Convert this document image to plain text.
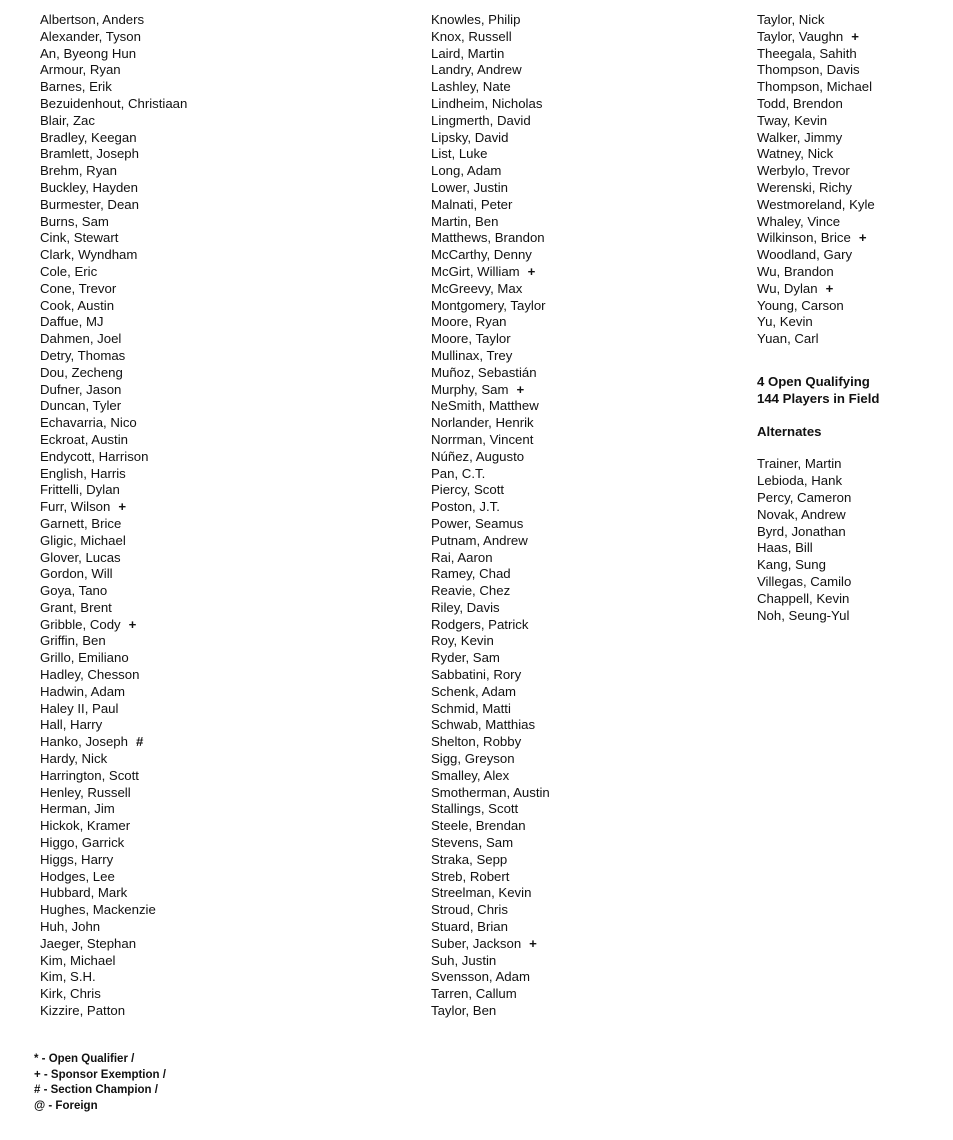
Albertson, Anders
Alexander, Tyson
An, Byeong Hun
Armour, Ryan
Barnes, Erik
Bezuidenhout, Christiaan
Blair, Zac
Bradley, Keegan
Bramlett, Joseph
Brehm, Ryan
Buckley, Hayden
Burmester, Dean
Burns, Sam
Cink, Stewart
Clark, Wyndham
Cole, Eric
Cone, Trevor
Cook, Austin
Daffue, MJ
Dahmen, Joel
Detry, Thomas
Dou, Zecheng
Dufner, Jason
Duncan, Tyler
Echavarria, Nico
Eckroat, Austin
Endycott, Harrison
English, Harris
Frittelli, Dylan
Furr, Wilson +
Garnett, Brice
Gligic, Michael
Glover, Lucas
Gordon, Will
Goya, Tano
Grant, Brent
Gribble, Cody +
Griffin, Ben
Grillo, Emiliano
Hadley, Chesson
Hadwin, Adam
Haley II, Paul
Hall, Harry
Hanko, Joseph #
Hardy, Nick
Harrington, Scott
Henley, Russell
Herman, Jim
Hickok, Kramer
Higgo, Garrick
Higgs, Harry
Hodges, Lee
Hubbard, Mark
Hughes, Mackenzie
Huh, John
Jaeger, Stephan
Kim, Michael
Kim, S.H.
Kirk, Chris
Kizzire, Patton
Knowles, Philip
Knox, Russell
Laird, Martin
Landry, Andrew
Lashley, Nate
Lindheim, Nicholas
Lingmerth, David
Lipsky, David
List, Luke
Long, Adam
Lower, Justin
Malnati, Peter
Martin, Ben
Matthews, Brandon
McCarthy, Denny
McGirt, William +
McGreevy, Max
Montgomery, Taylor
Moore, Ryan
Moore, Taylor
Mullinax, Trey
Muñoz, Sebastián
Murphy, Sam +
NeSmith, Matthew
Norlander, Henrik
Norrman, Vincent
Núñez, Augusto
Pan, C.T.
Piercy, Scott
Poston, J.T.
Power, Seamus
Putnam, Andrew
Rai, Aaron
Ramey, Chad
Reavie, Chez
Riley, Davis
Rodgers, Patrick
Roy, Kevin
Ryder, Sam
Sabbatini, Rory
Schenk, Adam
Schmid, Matti
Schwab, Matthias
Shelton, Robby
Sigg, Greyson
Smalley, Alex
Smotherman, Austin
Stallings, Scott
Steele, Brendan
Stevens, Sam
Straka, Sepp
Streb, Robert
Streelman, Kevin
Stroud, Chris
Stuard, Brian
Suber, Jackson +
Suh, Justin
Svensson, Adam
Tarren, Callum
Taylor, Ben
Taylor, Nick
Taylor, Vaughn +
Theegala, Sahith
Thompson, Davis
Thompson, Michael
Todd, Brendon
Tway, Kevin
Walker, Jimmy
Watney, Nick
Werbylo, Trevor
Werenski, Richy
Westmoreland, Kyle
Whaley, Vince
Wilkinson, Brice +
Woodland, Gary
Wu, Brandon
Wu, Dylan +
Young, Carson
Yu, Kevin
Yuan, Carl
4 Open Qualifying
144 Players in Field
Alternates
Trainer, Martin
Lebioda, Hank
Percy, Cameron
Novak, Andrew
Byrd, Jonathan
Haas, Bill
Kang, Sung
Villegas, Camilo
Chappell, Kevin
Noh, Seung-Yul
* - Open Qualifier /
+ - Sponsor Exemption /
# - Section Champion /
@ - Foreign
